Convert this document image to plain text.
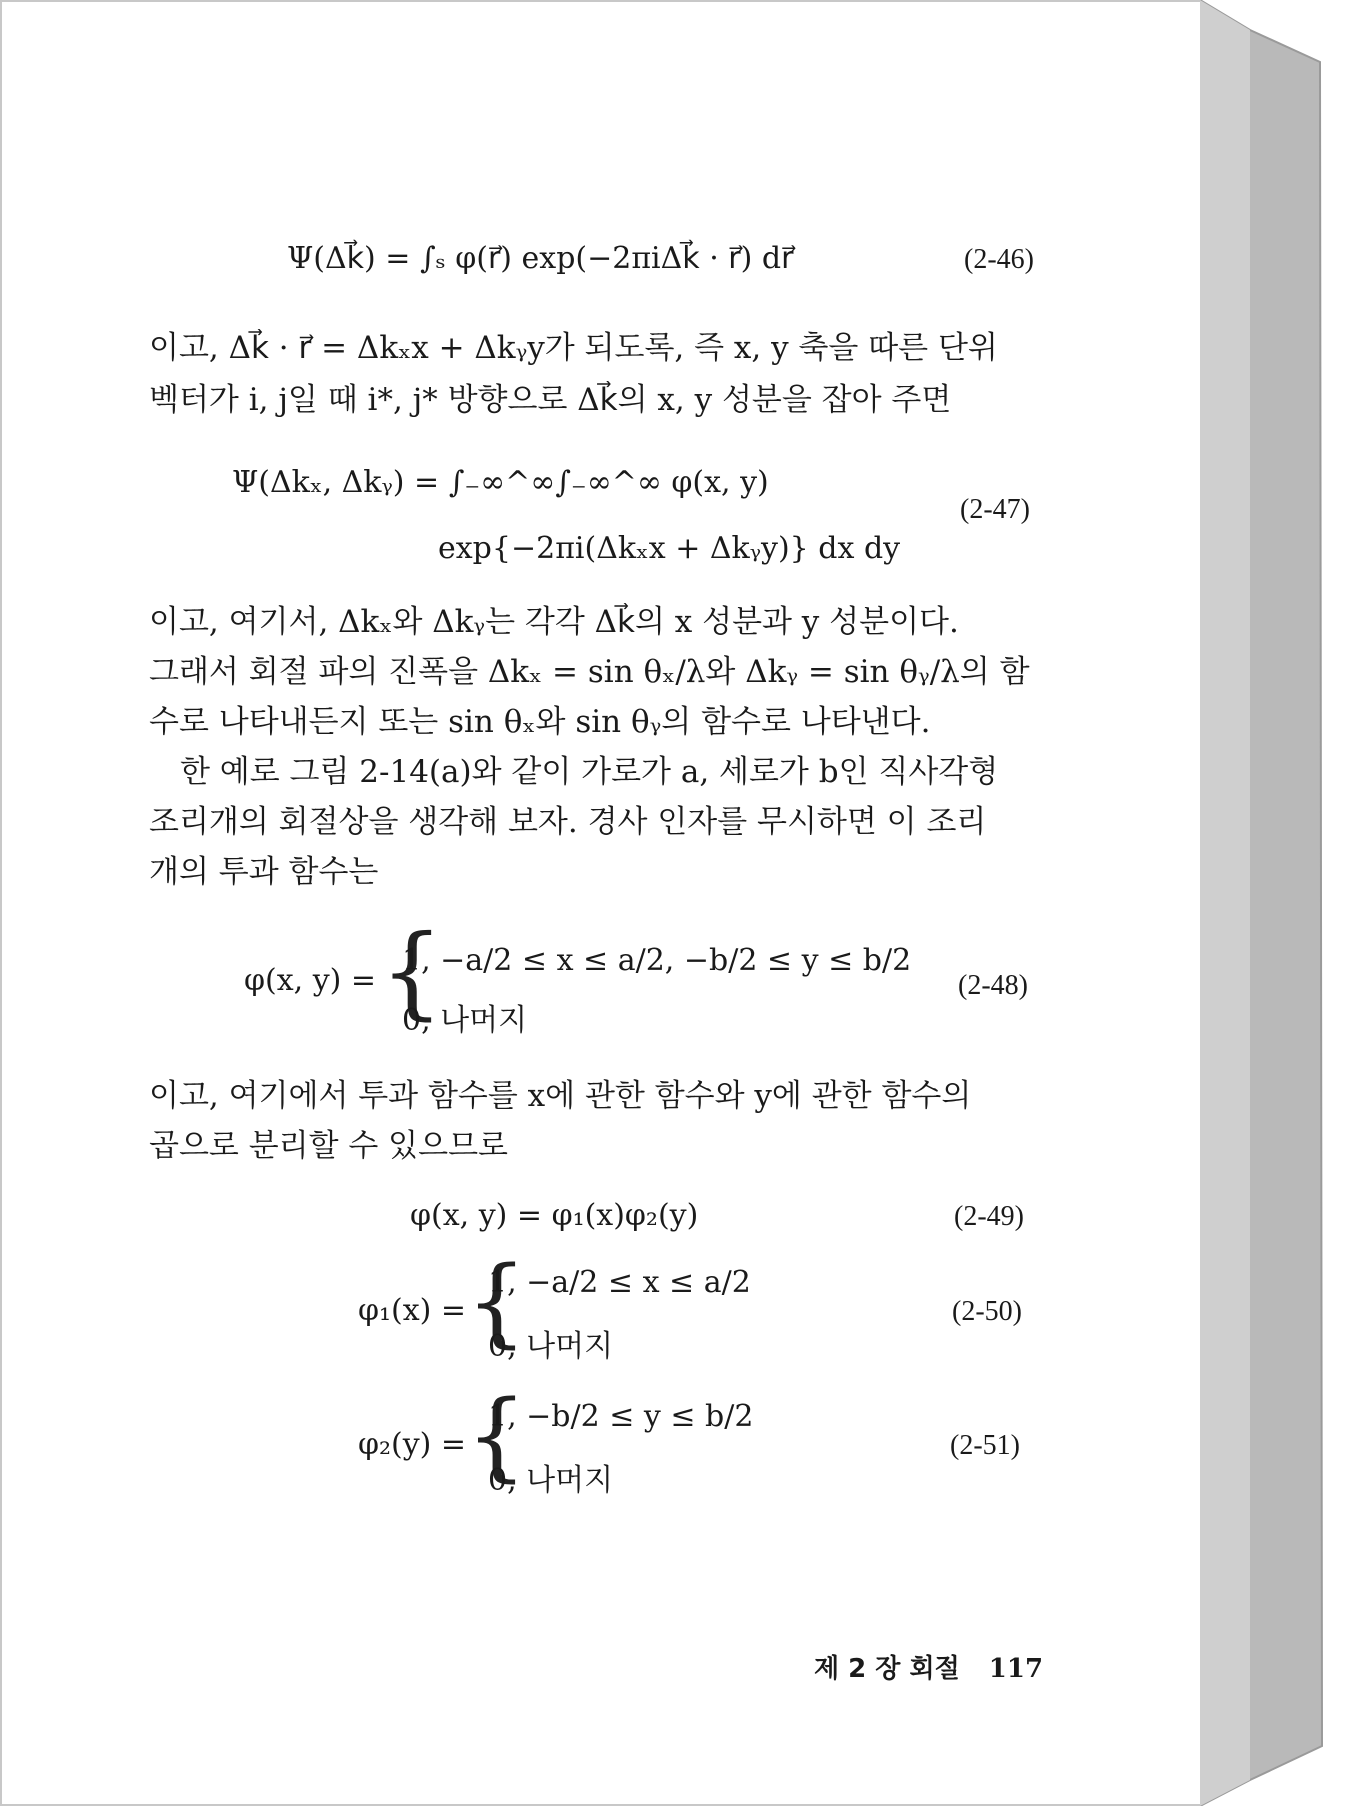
Ψ(Δk⃗) = ∫ₛ φ(r⃗) exp(−2πiΔk⃗ · r⃗) dr⃗	(2-46)
이고, Δk⃗ · r⃗ = Δkₓx + Δkᵧy가 되도록, 즉 x, y 축을 따른 단위
벡터가 i, j일 때 i*, j* 방향으로 Δk⃗의 x, y 성분을 잡아 주면
Ψ(Δkₓ, Δkᵧ) = ∫₋∞^∞∫₋∞^∞ φ(x, y)
exp{−2πi(Δkₓx + Δkᵧy)} dx dy
(2-47)
이고, 여기서, Δkₓ와 Δkᵧ는 각각 Δk⃗의 x 성분과 y 성분이다.
그래서 회절 파의 진폭을 Δkₓ = sin θₓ/λ와 Δkᵧ = sin θᵧ/λ의 함
수로 나타내든지 또는 sin θₓ와 sin θᵧ의 함수로 나타낸다.
한 예로 그림 2-14(a)와 같이 가로가 a, 세로가 b인 직사각형
조리개의 회절상을 생각해 보자. 경사 인자를 무시하면 이 조리
개의 투과 함수는
φ(x, y) = {
1, −a/2 ≤ x ≤ a/2, −b/2 ≤ y ≤ b/2
0, 나머지
(2-48)
이고, 여기에서 투과 함수를 x에 관한 함수와 y에 관한 함수의
곱으로 분리할 수 있으므로
φ(x, y) = φ₁(x)φ₂(y)	(2-49)
φ₁(x) = {
1, −a/2 ≤ x ≤ a/2
0, 나머지
(2-50)
φ₂(y) = {
1, −b/2 ≤ y ≤ b/2
0, 나머지
(2-51)
제 2 장 회절 117
